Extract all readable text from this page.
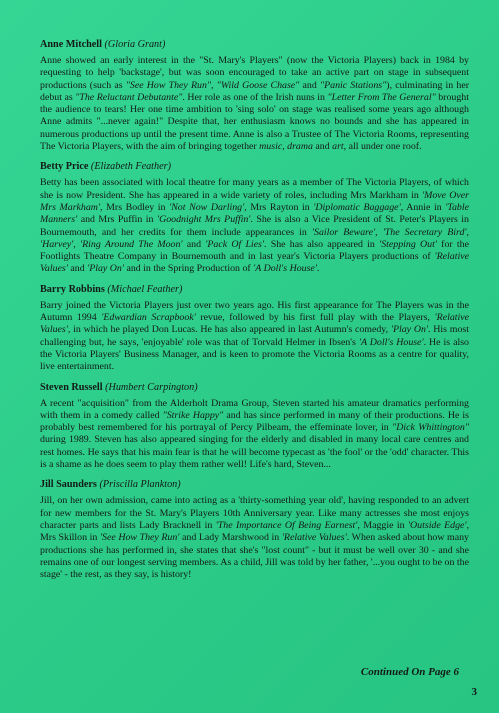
Anne Mitchell (Gloria Grant)

Anne showed an early interest in the "St. Mary's Players" (now the Victoria Players) back in 1984 by requesting to help 'backstage', but was soon encouraged to take an active part on stage in subsequent productions (such as "See How They Run", "Wild Goose Chase" and "Panic Stations"), culminating in her debut as "The Reluctant Debutante". Her role as one of the Irish nuns in "Letter From The General" brought the audience to tears! Her one time ambition to 'sing solo' on stage was realised some years ago although Anne admits "...never again!" Despite that, her enthusiasm knows no bounds and she has appeared in numerous productions up until the present time. Anne is also a Trustee of The Victoria Rooms, representing The Victoria Players, with the aim of bringing together music, drama and art, all under one roof.

Betty Price (Elizabeth Feather)

Betty has been associated with local theatre for many years as a member of The Victoria Players, of which she is now President. She has appeared in a wide variety of roles, including Mrs Markham in 'Move Over Mrs Markham', Mrs Bodley in 'Not Now Darling', Mrs Rayton in 'Diplomatic Baggage', Annie in 'Table Manners' and Mrs Puffin in 'Goodnight Mrs Puffin'. She is also a Vice President of St. Peter's Players in Bournemouth, and her credits for them include appearances in 'Sailor Beware', 'The Secretary Bird', 'Harvey', 'Ring Around The Moon' and 'Pack Of Lies'. She has also appeared in 'Stepping Out' for the Footlights Theatre Company in Bournemouth and in last year's Victoria Players productions of 'Relative Values' and 'Play On' and in the Spring Production of 'A Doll's House'.

Barry Robbins (Michael Feather)

Barry joined the Victoria Players just over two years ago. His first appearance for The Players was in the Autumn 1994 'Edwardian Scrapbook' revue, followed by his first full play with the Players, 'Relative Values', in which he played Don Lucas. He has also appeared in last Autumn's comedy, 'Play On'. His most challenging but, he says, 'enjoyable' role was that of Torvald Helmer in Ibsen's 'A Doll's House'. He is also the Victoria Players' Business Manager, and is keen to promote the Victoria Rooms as a centre for quality, live entertainment.

Steven Russell (Humbert Carpington)

A recent "acquisition" from the Alderholt Drama Group, Steven started his amateur dramatics performing with them in a comedy called "Strike Happy" and has since performed in many of their productions. He is probably best remembered for his portrayal of Percy Pilbeam, the effeminate lover, in "Dick Whittington" during 1989. Steven has also appeared singing for the elderly and disabled in many local care centres and rest homes. He says that his main fear is that he will become typecast as 'the fool' or the 'odd' character. This is a shame as he does seem to play them rather well! Life's hard, Steven...

Jill Saunders (Priscilla Plankton)

Jill, on her own admission, came into acting as a 'thirty-something year old', having responded to an advert for new members for the St. Mary's Players 10th Anniversary year. Like many actresses she most enjoys character parts and lists Lady Bracknell in 'The Importance Of Being Earnest', Maggie in 'Outside Edge', Mrs Skillon in 'See How They Run' and Lady Marshwood in 'Relative Values'. When asked about how many productions she has performed in, she states that she's "lost count" - but it must be well over 30 - and she remains one of our longest serving members. As a child, Jill was told by her father, '...you ought to be on the stage' - the rest, as they say, is history!

Continued On Page 6
3
